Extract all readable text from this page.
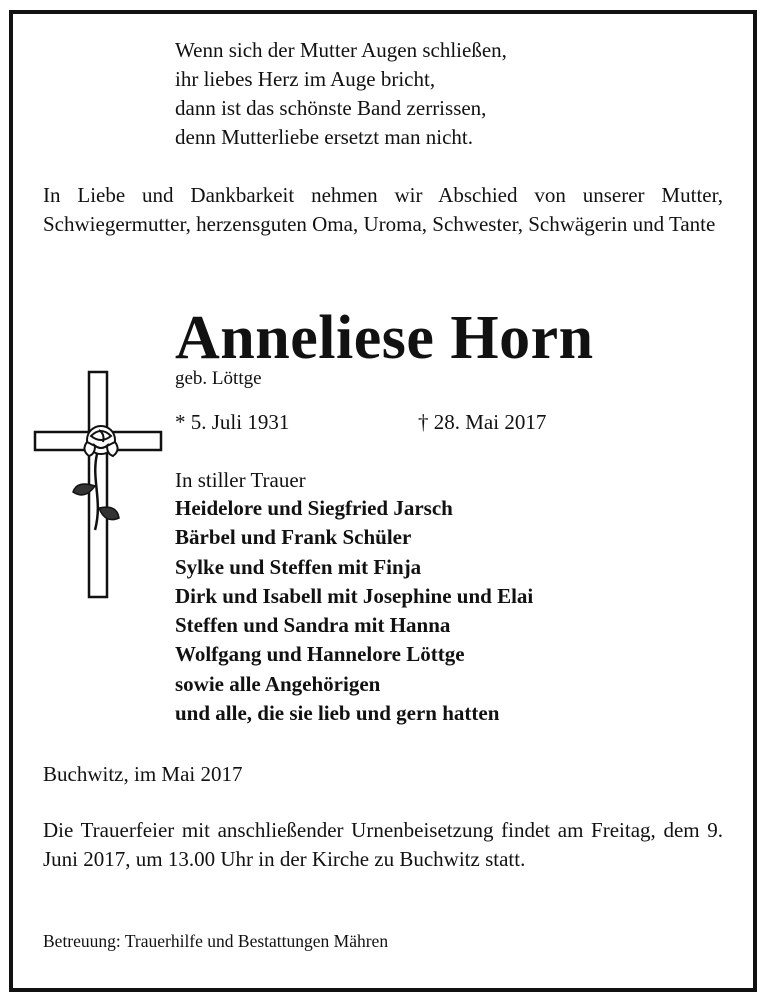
Wenn sich der Mutter Augen schließen,
ihr liebes Herz im Auge bricht,
dann ist das schönste Band zerrissen,
denn Mutterliebe ersetzt man nicht.
In Liebe und Dankbarkeit nehmen wir Abschied von unserer Mutter, Schwiegermutter, herzensguten Oma, Uroma, Schwester, Schwägerin und Tante
Anneliese Horn
geb. Löttge
* 5. Juli 1931	† 28. Mai 2017
In stiller Trauer
Heidelore und Siegfried Jarsch
Bärbel und Frank Schüler
Sylke und Steffen mit Finja
Dirk und Isabell mit Josephine und Elai
Steffen und Sandra mit Hanna
Wolfgang und Hannelore Löttge
sowie alle Angehörigen
und alle, die sie lieb und gern hatten
Buchwitz, im Mai 2017
Die Trauerfeier mit anschließender Urnenbeisetzung findet am Freitag, dem 9. Juni 2017, um 13.00 Uhr in der Kirche zu Buchwitz statt.
Betreuung: Trauerhilfe und Bestattungen Mähren
